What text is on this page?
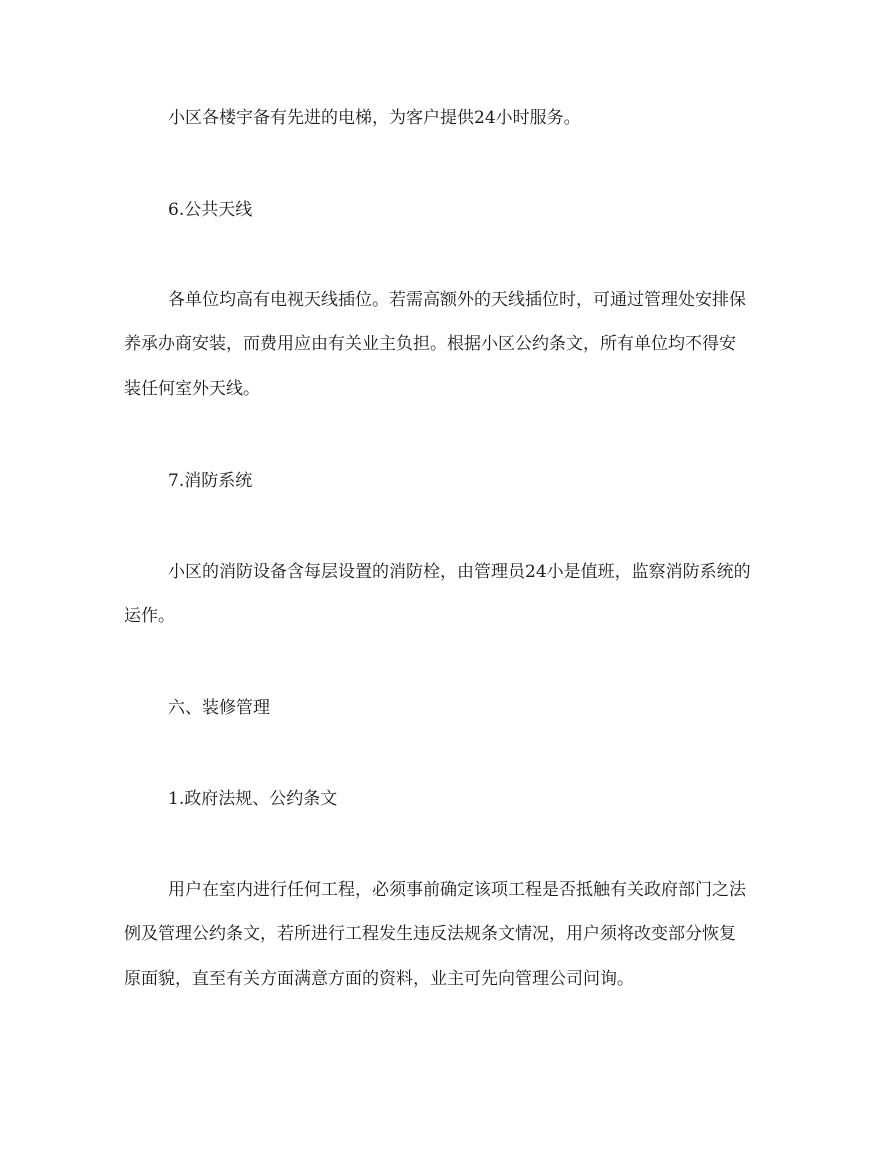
小区各楼宇备有先进的电梯，为客户提供24小时服务。

6.公共天线

各单位均高有电视天线插位。若需高额外的天线插位时，可通过管理处安排保

养承办商安装，而费用应由有关业主负担。根据小区公约条文，所有单位均不得安

装任何室外天线。

7.消防系统

小区的消防设备含每层设置的消防栓，由管理员24小是值班，监察消防系统的

运作。

六、装修管理

1.政府法规、公约条文

用户在室内进行任何工程，必须事前确定该项工程是否抵触有关政府部门之法

例及管理公约条文，若所进行工程发生违反法规条文情况，用户须将改变部分恢复

原面貌，直至有关方面满意方面的资料，业主可先向管理公司问询。
